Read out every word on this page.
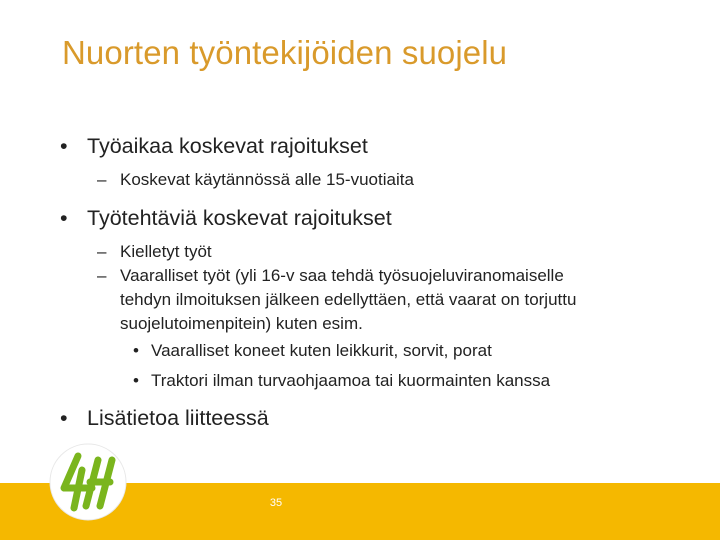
Nuorten työntekijöiden suojelu
• Työaikaa koskevat rajoitukset
– Koskevat käytännössä alle 15-vuotiaita
• Työtehtäviä koskevat rajoitukset
– Kielletyt työt
– Vaaralliset työt (yli 16-v saa tehdä työsuojeluviranomaiselle
tehdyn ilmoituksen jälkeen edellyttäen, että vaarat on torjuttu
suojelutoimenpitein) kuten esim.
• Vaaralliset koneet kuten leikkurit, sorvit, porat
• Traktori ilman turvaohjaamoa tai kuormainten kanssa
• Lisätietoa liitteessä
35
